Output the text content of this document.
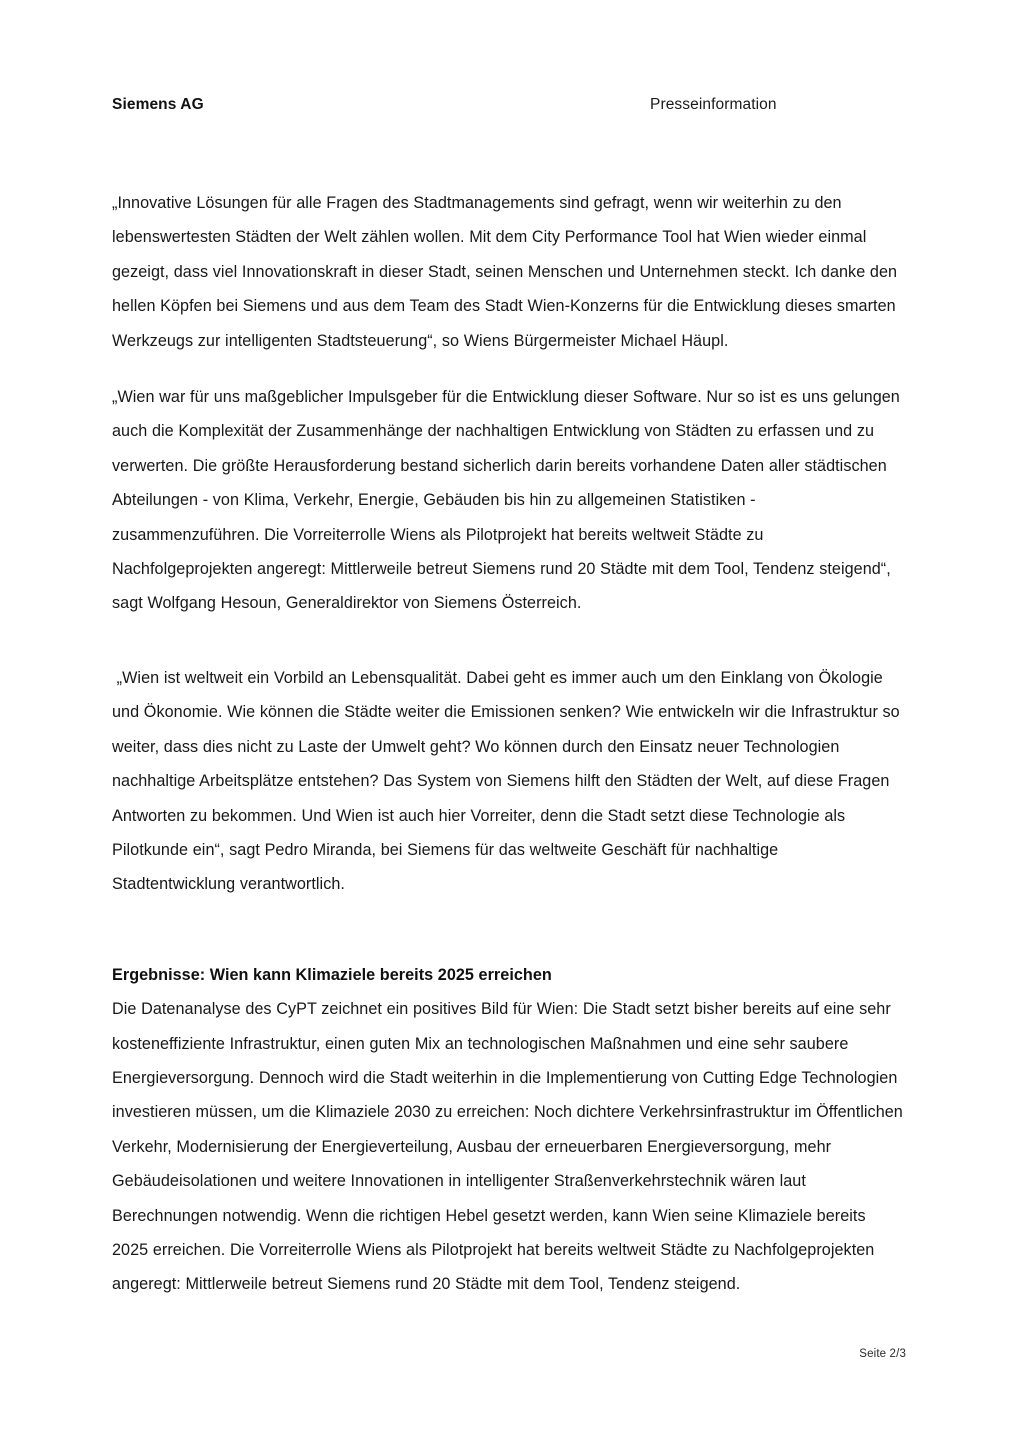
Siemens AG	Presseinformation

„Innovative Lösungen für alle Fragen des Stadtmanagements sind gefragt, wenn wir weiterhin zu den lebenswertesten Städten der Welt zählen wollen. Mit dem City Performance Tool hat Wien wieder einmal gezeigt, dass viel Innovationskraft in dieser Stadt, seinen Menschen und Unternehmen steckt. Ich danke den hellen Köpfen bei Siemens und aus dem Team des Stadt Wien-Konzerns für die Entwicklung dieses smarten Werkzeugs zur intelligenten Stadtsteuerung“, so Wiens Bürgermeister Michael Häupl.

„Wien war für uns maßgeblicher Impulsgeber für die Entwicklung dieser Software. Nur so ist es uns gelungen auch die Komplexität der Zusammenhänge der nachhaltigen Entwicklung von Städten zu erfassen und zu verwerten. Die größte Herausforderung bestand sicherlich darin bereits vorhandene Daten aller städtischen Abteilungen - von Klima, Verkehr, Energie, Gebäuden bis hin zu allgemeinen Statistiken - zusammenzuführen. Die Vorreiterrolle Wiens als Pilotprojekt hat bereits weltweit Städte zu Nachfolgeprojekten angeregt: Mittlerweile betreut Siemens rund 20 Städte mit dem Tool, Tendenz steigend“, sagt Wolfgang Hesoun, Generaldirektor von Siemens Österreich.

„Wien ist weltweit ein Vorbild an Lebensqualität. Dabei geht es immer auch um den Einklang von Ökologie und Ökonomie. Wie können die Städte weiter die Emissionen senken? Wie entwickeln wir die Infrastruktur so weiter, dass dies nicht zu Laste der Umwelt geht? Wo können durch den Einsatz neuer Technologien nachhaltige Arbeitsplätze entstehen? Das System von Siemens hilft den Städten der Welt, auf diese Fragen Antworten zu bekommen. Und Wien ist auch hier Vorreiter, denn die Stadt setzt diese Technologie als Pilotkunde ein“, sagt Pedro Miranda, bei Siemens für das weltweite Geschäft für nachhaltige Stadtentwicklung verantwortlich.

Ergebnisse: Wien kann Klimaziele bereits 2025 erreichen

Die Datenanalyse des CyPT zeichnet ein positives Bild für Wien: Die Stadt setzt bisher bereits auf eine sehr kosteneffiziente Infrastruktur, einen guten Mix an technologischen Maßnahmen und eine sehr saubere Energieversorgung. Dennoch wird die Stadt weiterhin in die Implementierung von Cutting Edge Technologien investieren müssen, um die Klimaziele 2030 zu erreichen: Noch dichtere Verkehrsinfrastruktur im Öffentlichen Verkehr, Modernisierung der Energieverteilung, Ausbau der erneuerbaren Energieversorgung, mehr Gebäudeisolationen und weitere Innovationen in intelligenter Straßenverkehrstechnik wären laut Berechnungen notwendig. Wenn die richtigen Hebel gesetzt werden, kann Wien seine Klimaziele bereits 2025 erreichen. Die Vorreiterrolle Wiens als Pilotprojekt hat bereits weltweit Städte zu Nachfolgeprojekten angeregt: Mittlerweile betreut Siemens rund 20 Städte mit dem Tool, Tendenz steigend.

Seite 2/3
